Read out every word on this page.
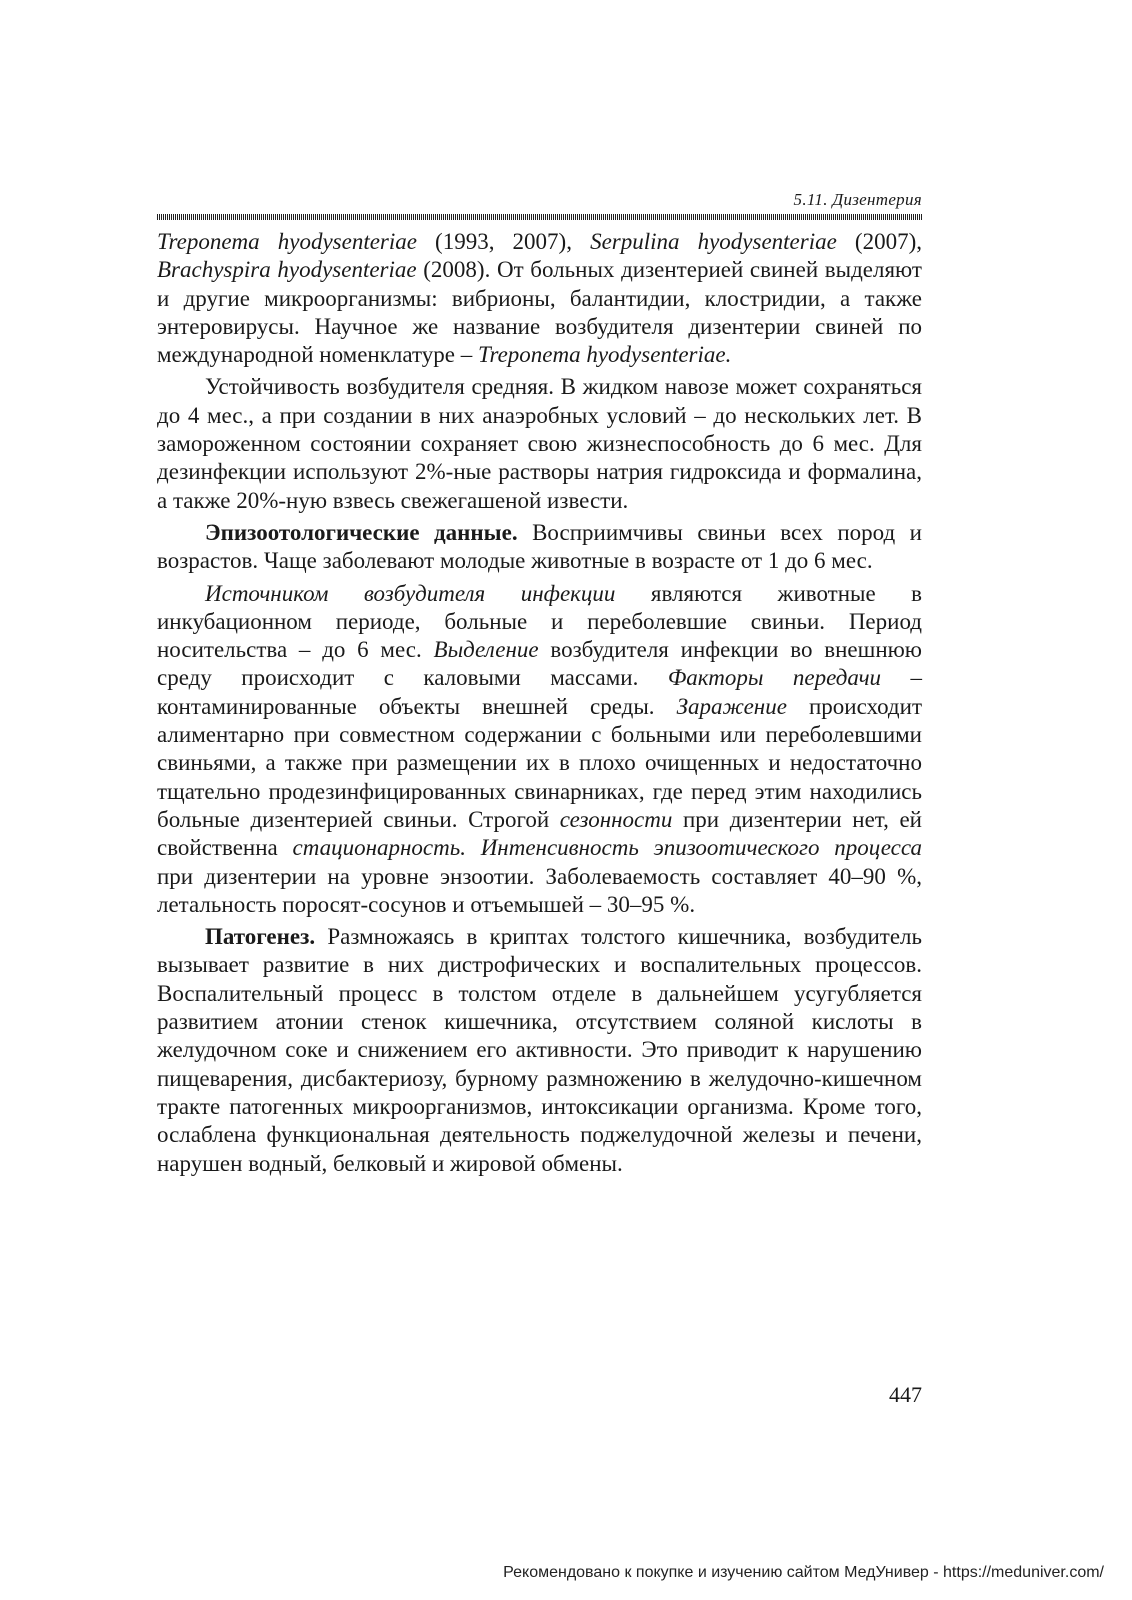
5.11. Дизентерия

Treponema hyodysenteriae (1993, 2007), Serpulina hyodysenteriae (2007), Brachyspira hyodysenteriae (2008). От больных дизентерией свиней выделяют и другие микроорганизмы: вибрионы, балантидии, клостридии, а также энтеровирусы. Научное же название возбудителя дизентерии свиней по международной номенклатуре – Treponema hyodysenteriae.

Устойчивость возбудителя средняя. В жидком навозе может сохраняться до 4 мес., а при создании в них анаэробных условий – до нескольких лет. В замороженном состоянии сохраняет свою жизнеспособность до 6 мес. Для дезинфекции используют 2%-ные растворы натрия гидроксида и формалина, а также 20%-ную взвесь свежегашеной извести.

Эпизоотологические данные. Восприимчивы свиньи всех пород и возрастов. Чаще заболевают молодые животные в возрасте от 1 до 6 мес.

Источником возбудителя инфекции являются животные в инкубационном периоде, больные и переболевшие свиньи. Период носительства – до 6 мес. Выделение возбудителя инфекции во внешнюю среду происходит с каловыми массами. Факторы передачи – контаминированные объекты внешней среды. Заражение происходит алиментарно при совместном содержании с больными или переболевшими свиньями, а также при размещении их в плохо очищенных и недостаточно тщательно продезинфицированных свинарниках, где перед этим находились больные дизентерией свиньи. Строгой сезонности при дизентерии нет, ей свойственна стационарность. Интенсивность эпизоотического процесса при дизентерии на уровне энзоотии. Заболеваемость составляет 40–90 %, летальность поросят-сосунов и отъемышей – 30–95 %.

Патогенез. Размножаясь в криптах толстого кишечника, возбудитель вызывает развитие в них дистрофических и воспалительных процессов. Воспалительный процесс в толстом отделе в дальнейшем усугубляется развитием атонии стенок кишечника, отсутствием соляной кислоты в желудочном соке и снижением его активности. Это приводит к нарушению пищеварения, дисбактериозу, бурному размножению в желудочно-кишечном тракте патогенных микроорганизмов, интоксикации организма. Кроме того, ослаблена функциональная деятельность поджелудочной железы и печени, нарушен водный, белковый и жировой обмены.

447
Рекомендовано к покупке и изучению сайтом МедУнивер - https://meduniver.com/
